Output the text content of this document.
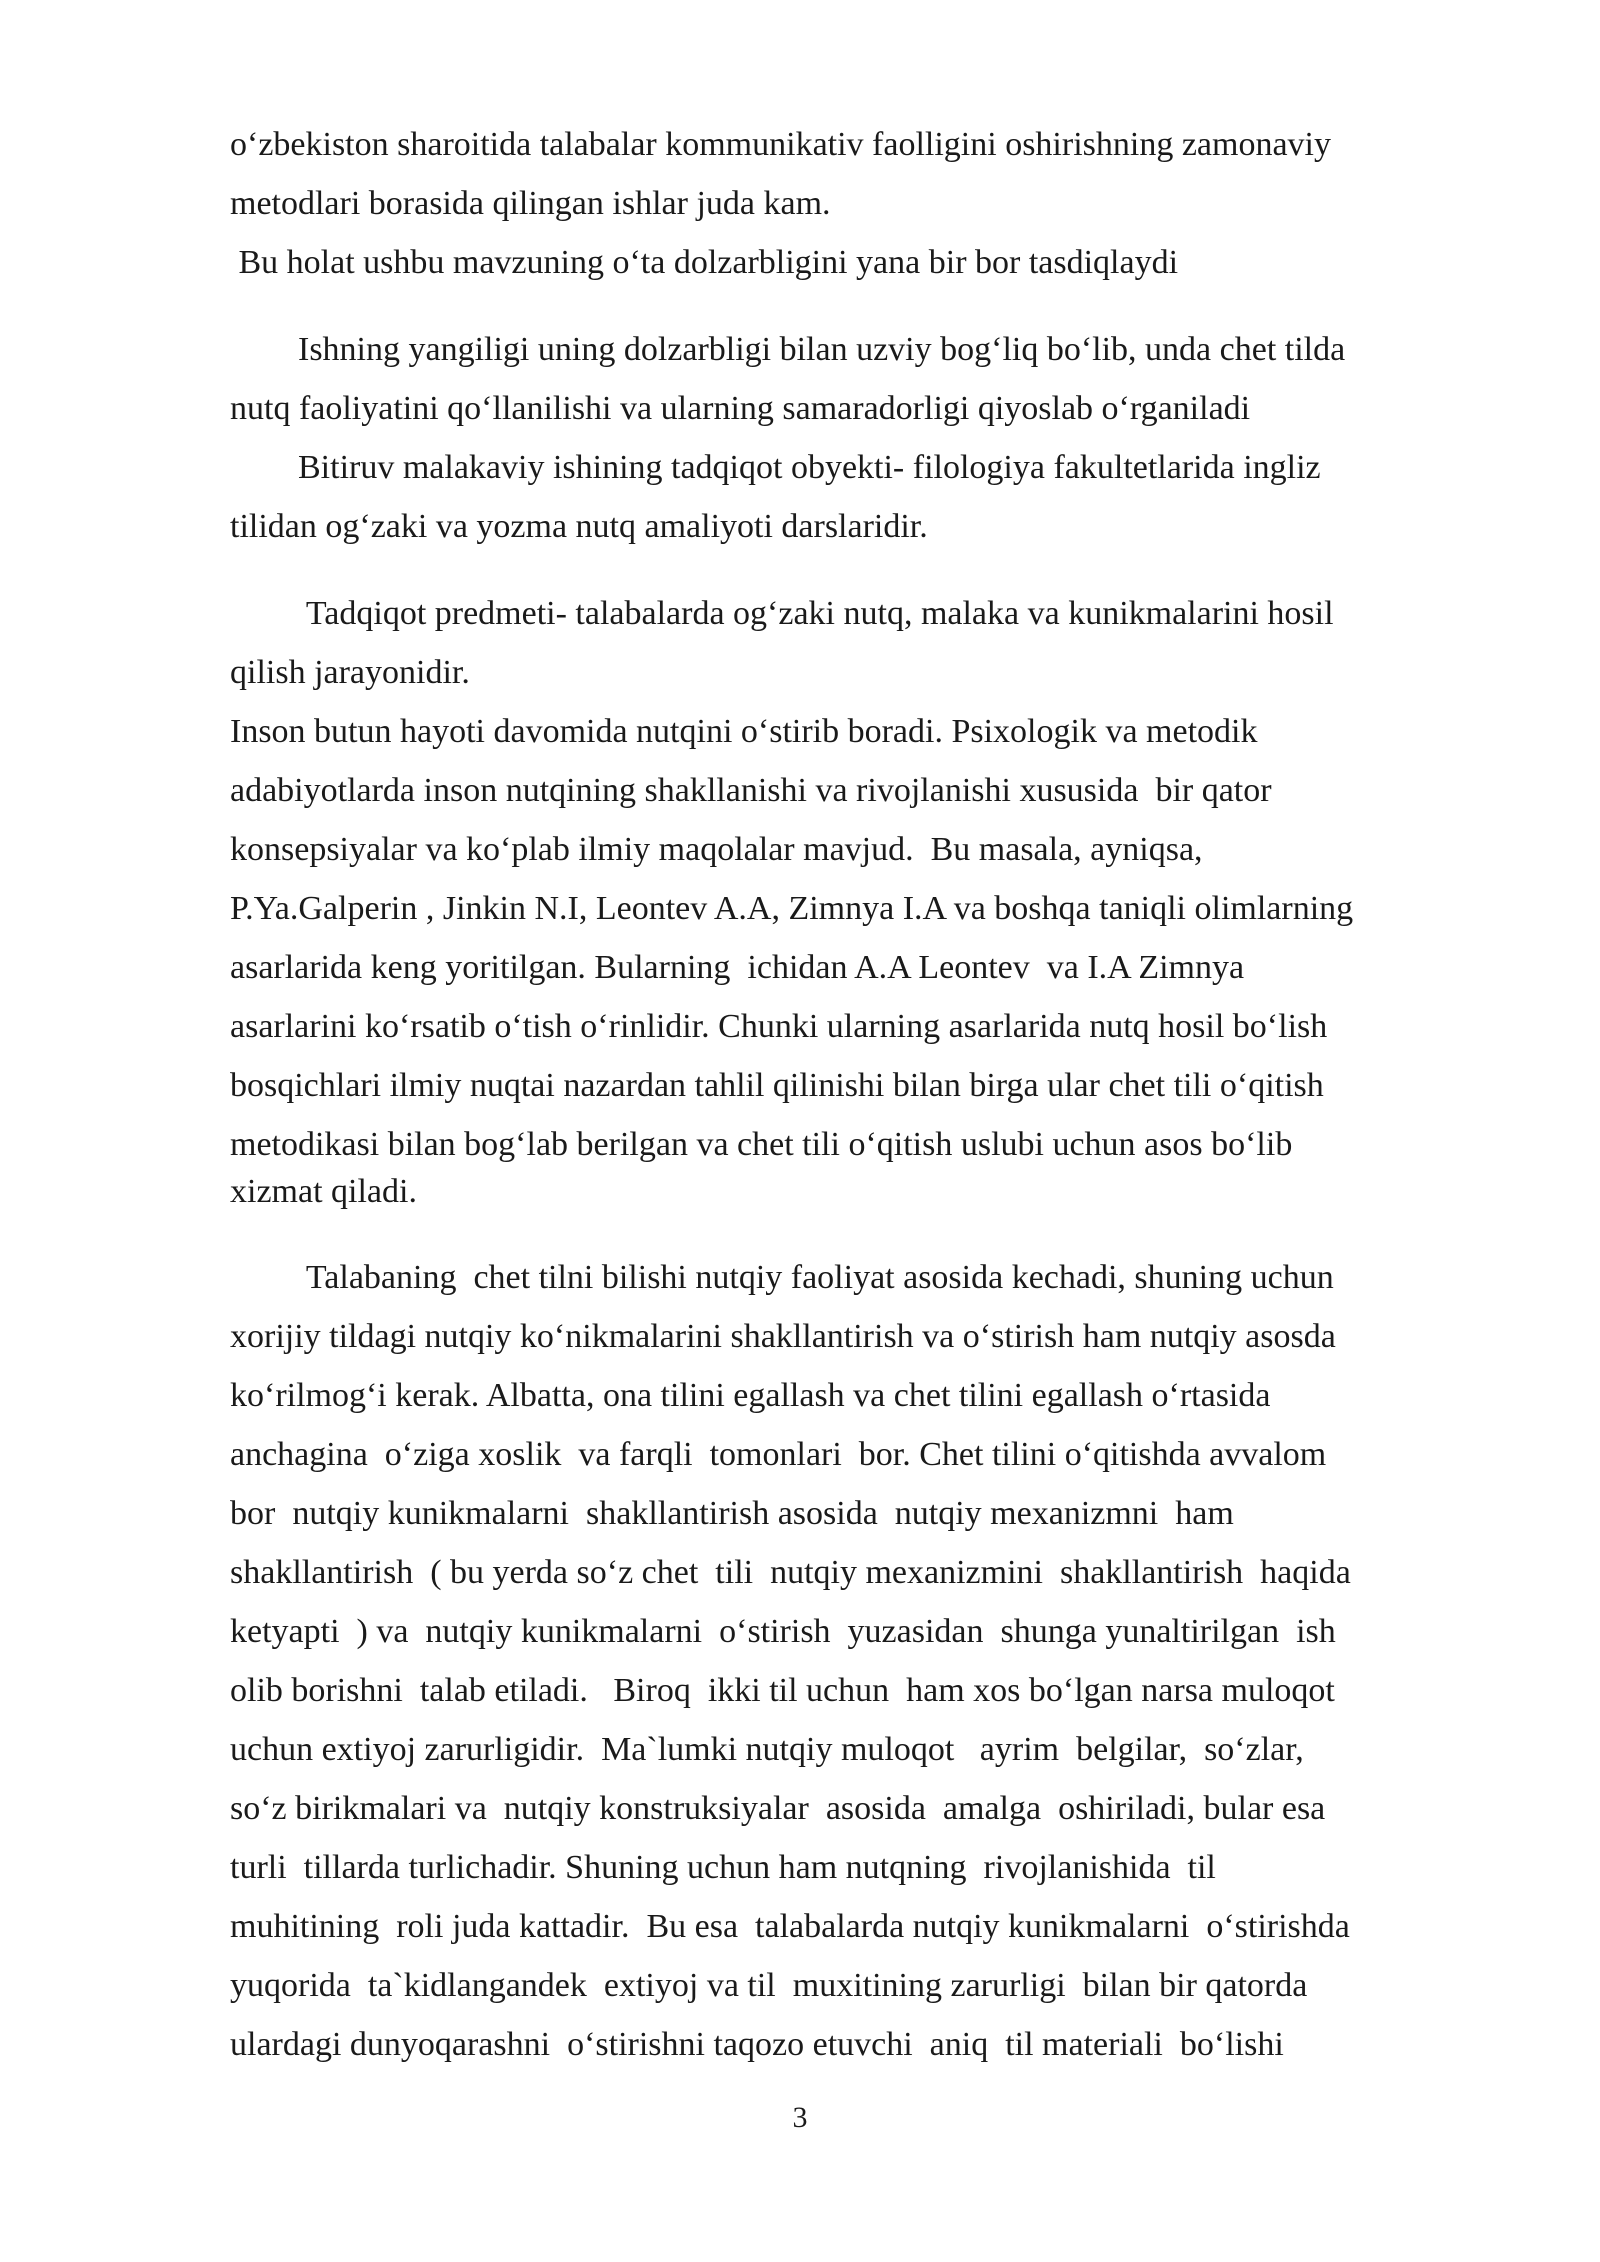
o‘zbekiston sharoitida talabalar kommunikativ faolligini oshirishning zamonaviy
metodlari borasida qilingan ishlar juda kam.
Bu holat ushbu mavzuning o‘ta dolzarbligini yana bir bor tasdiqlaydi
Ishning yangiligi uning dolzarbligi bilan uzviy bog‘liq bo‘lib, unda chet tilda
nutq faoliyatini qo‘llanilishi va ularning samaradorligi qiyoslab o‘rganiladi
Bitiruv malakaviy ishining tadqiqot obyekti- filologiya fakultetlarida ingliz
tilidan og‘zaki va yozma nutq amaliyoti darslaridir.
Tadqiqot predmeti- talabalarda og‘zaki nutq, malaka va kunikmalarini hosil
qilish jarayonidir.
Inson butun hayoti davomida nutqini o‘stirib boradi. Psixologik va metodik
adabiyotlarda inson nutqining shakllanishi va rivojlanishi xususida  bir qator
konsepsiyalar va ko‘plab ilmiy maqolalar mavjud.  Bu masala, ayniqsa,
P.Ya.Galperin , Jinkin N.I, Leontev A.A, Zimnya I.A va boshqa taniqli olimlarning
asarlarida keng yoritilgan. Bularning  ichidan A.A Leontev  va I.A Zimnya
asarlarini ko‘rsatib o‘tish o‘rinlidir. Chunki ularning asarlarida nutq hosil bo‘lish
bosqichlari ilmiy nuqtai nazardan tahlil qilinishi bilan birga ular chet tili o‘qitish
metodikasi bilan bog‘lab berilgan va chet tili o‘qitish uslubi uchun asos bo‘lib
xizmat qiladi.
Talabaning  chet tilni bilishi nutqiy faoliyat asosida kechadi, shuning uchun
xorijiy tildagi nutqiy ko‘nikmalarini shakllantirish va o‘stirish ham nutqiy asosda
ko‘rilmog‘i kerak. Albatta, ona tilini egallash va chet tilini egallash o‘rtasida
anchagina  o‘ziga xoslik  va farqli  tomonlari  bor. Chet tilini o‘qitishda avvalom
bor  nutqiy kunikmalarni  shakllantirish asosida  nutqiy mexanizmni  ham
shakllantirish  ( bu yerda so‘z chet  tili  nutqiy mexanizmini  shakllantirish  haqida
ketyapti  ) va  nutqiy kunikmalarni  o‘stirish  yuzasidan  shunga yunaltirilgan  ish
olib borishni  talab etiladi.   Biroq  ikki til uchun  ham xos bo‘lgan narsa muloqot
uchun extiyoj zarurligidir.  Ma`lumki nutqiy muloqot   ayrim  belgilar,  so‘zlar,
so‘z birikmalari va  nutqiy konstruksiyalar  asosida  amalga  oshiriladi, bular esa
turli  tillarda turlichadir. Shuning uchun ham nutqning  rivojlanishida  til
muhitining  roli juda kattadir.  Bu esa  talabalarda nutqiy kunikmalarni  o‘stirishda
yuqorida  ta`kidlangandek  extiyoj va til  muxitining zarurligi  bilan bir qatorda
ulardagi dunyoqarashni  o‘stirishni taqozo etuvchi  aniq  til materiali  bo‘lishi
3
